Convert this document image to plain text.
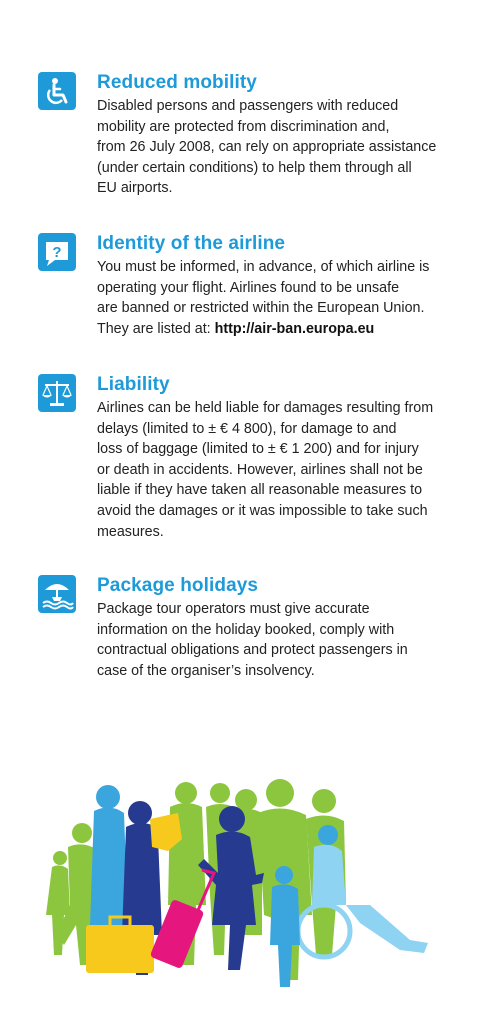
Reduced mobility

Disabled persons and passengers with reduced
mobility are protected from discrimination and,
from 26 July 2008, can rely on appropriate assistance
(under certain conditions) to help them through all
EU airports.

? Identity of the airline

You must be informed, in advance, of which airline is
operating your flight. Airlines found to be unsafe
are banned or restricted within the European Union.
They are listed at: http://air-ban.europa.eu

Liability

Airlines can be held liable for damages resulting from
delays (limited to ± € 4 800), for damage to and
loss of baggage (limited to ± € 1 200) and for injury
or death in accidents. However, airlines shall not be
liable if they have taken all reasonable measures to
avoid the damages or it was impossible to take such
measures.

Package holidays

Package tour operators must give accurate
information on the holiday booked, comply with
contractual obligations and protect passengers in
case of the organiser’s insolvency.
